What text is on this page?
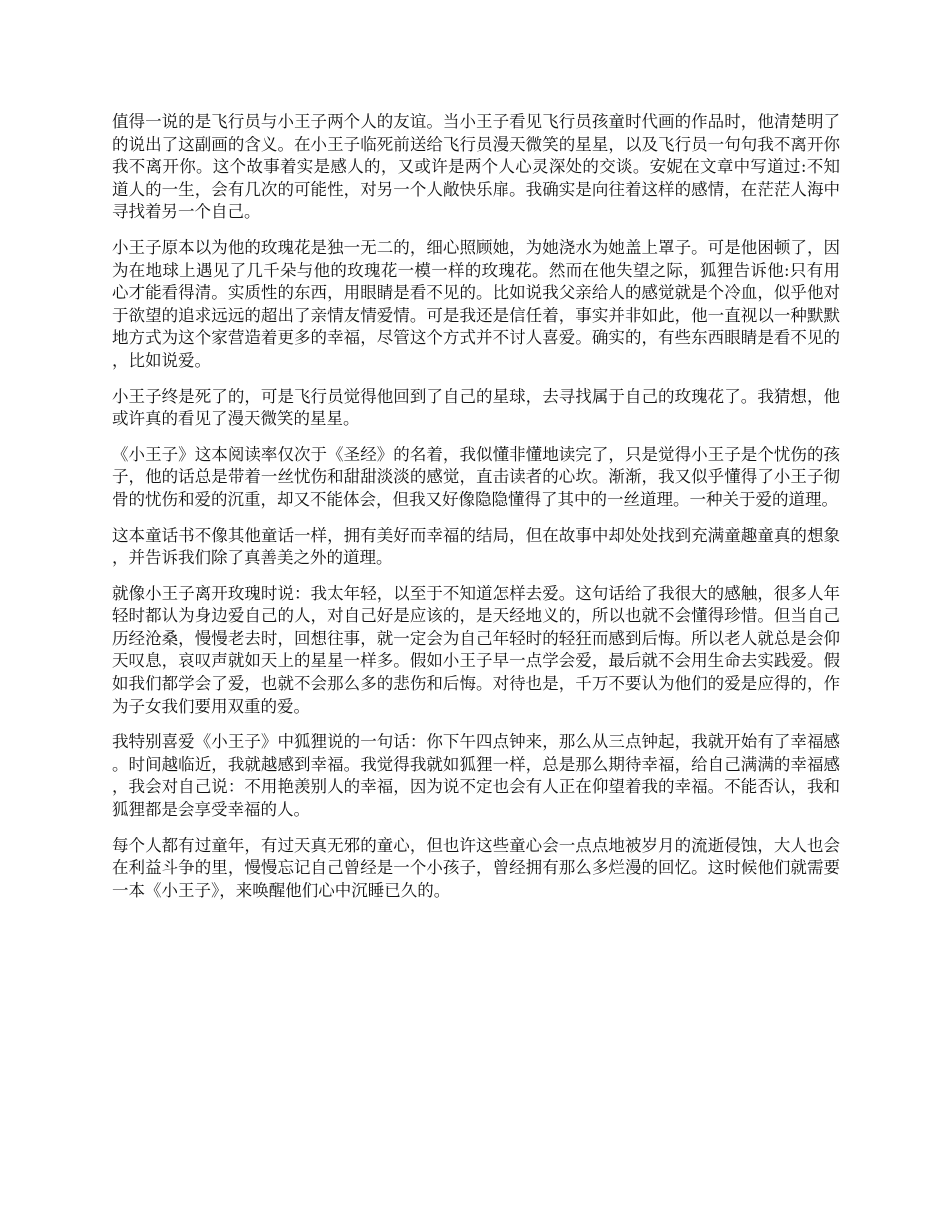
值得一说的是飞行员与小王子两个人的友谊。当小王子看见飞行员孩童时代画的作品时，他清楚明了的说出了这副画的含义。在小王子临死前送给飞行员漫天微笑的星星，以及飞行员一句句我不离开你我不离开你。这个故事着实是感人的，又或许是两个人心灵深处的交谈。安妮在文章中写道过:不知道人的一生，会有几次的可能性，对另一个人敞快乐扉。我确实是向往着这样的感情，在茫茫人海中寻找着另一个自己。

小王子原本以为他的玫瑰花是独一无二的，细心照顾她，为她浇水为她盖上罩子。可是他困顿了，因为在地球上遇见了几千朵与他的玫瑰花一模一样的玫瑰花。然而在他失望之际，狐狸告诉他:只有用心才能看得清。实质性的东西，用眼睛是看不见的。比如说我父亲给人的感觉就是个冷血，似乎他对于欲望的追求远远的超出了亲情友情爱情。可是我还是信任着，事实并非如此，他一直视以一种默默地方式为这个家营造着更多的幸福，尽管这个方式并不讨人喜爱。确实的，有些东西眼睛是看不见的，比如说爱。

小王子终是死了的，可是飞行员觉得他回到了自己的星球，去寻找属于自己的玫瑰花了。我猜想，他或许真的看见了漫天微笑的星星。

《小王子》这本阅读率仅次于《圣经》的名着，我似懂非懂地读完了，只是觉得小王子是个忧伤的孩子，他的话总是带着一丝忧伤和甜甜淡淡的感觉，直击读者的心坎。渐渐，我又似乎懂得了小王子彻骨的忧伤和爱的沉重，却又不能体会，但我又好像隐隐懂得了其中的一丝道理。一种关于爱的道理。

这本童话书不像其他童话一样，拥有美好而幸福的结局，但在故事中却处处找到充满童趣童真的想象，并告诉我们除了真善美之外的道理。

就像小王子离开玫瑰时说：我太年轻，以至于不知道怎样去爱。这句话给了我很大的感触，很多人年轻时都认为身边爱自己的人，对自己好是应该的，是天经地义的，所以也就不会懂得珍惜。但当自己历经沧桑，慢慢老去时，回想往事，就一定会为自己年轻时的轻狂而感到后悔。所以老人就总是会仰天叹息，哀叹声就如天上的星星一样多。假如小王子早一点学会爱，最后就不会用生命去实践爱。假如我们都学会了爱，也就不会那么多的悲伤和后悔。对待也是，千万不要认为他们的爱是应得的，作为子女我们要用双重的爱。

我特别喜爱《小王子》中狐狸说的一句话：你下午四点钟来，那么从三点钟起，我就开始有了幸福感。时间越临近，我就越感到幸福。我觉得我就如狐狸一样，总是那么期待幸福，给自己满满的幸福感，我会对自己说：不用艳羡别人的幸福，因为说不定也会有人正在仰望着我的幸福。不能否认，我和狐狸都是会享受幸福的人。

每个人都有过童年，有过天真无邪的童心，但也许这些童心会一点点地被岁月的流逝侵蚀，大人也会在利益斗争的里，慢慢忘记自己曾经是一个小孩子，曾经拥有那么多烂漫的回忆。这时候他们就需要一本《小王子》，来唤醒他们心中沉睡已久的。
